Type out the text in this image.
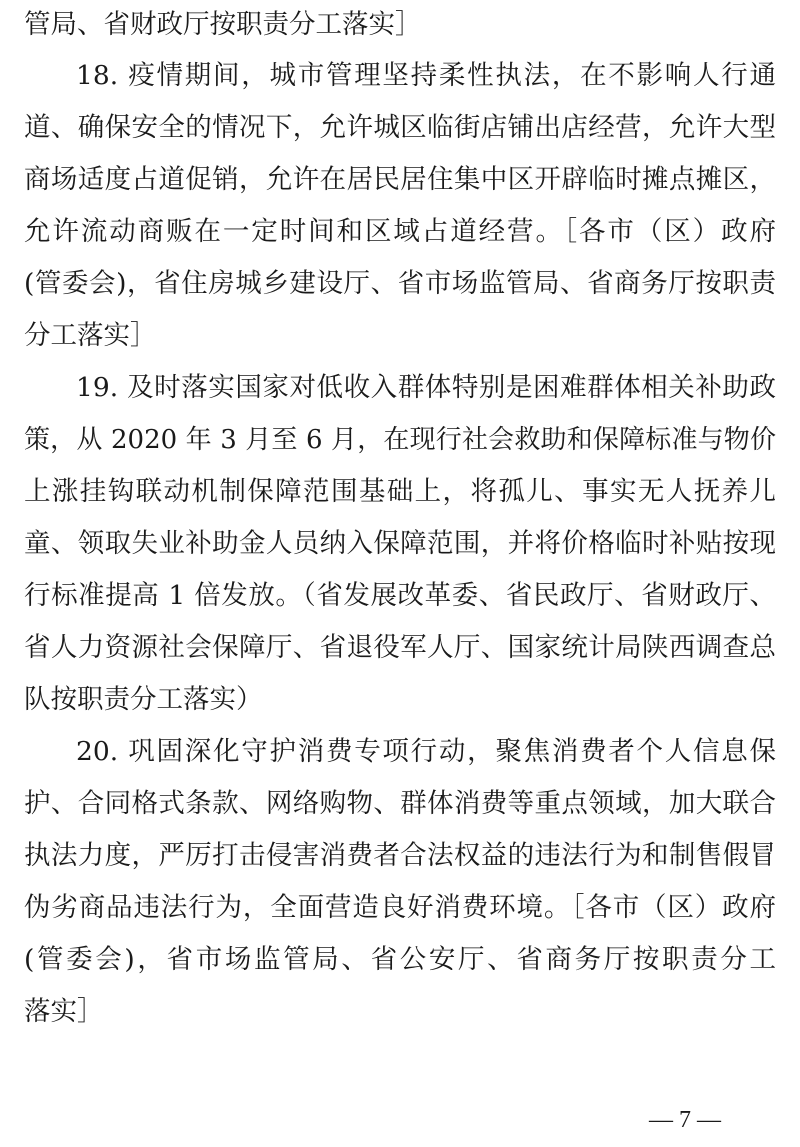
管局、省财政厅按职责分工落实］
18. 疫情期间，城市管理坚持柔性执法，在不影响人行通
道、确保安全的情况下，允许城区临街店铺出店经营，允许大型
商场适度占道促销，允许在居民居住集中区开辟临时摊点摊区，
允许流动商贩在一定时间和区域占道经营。［各市（区）政府
(管委会)，省住房城乡建设厅、省市场监管局、省商务厅按职责
分工落实］
19. 及时落实国家对低收入群体特别是困难群体相关补助政
策，从 2020 年 3 月至 6 月，在现行社会救助和保障标准与物价
上涨挂钩联动机制保障范围基础上，将孤儿、事实无人抚养儿
童、领取失业补助金人员纳入保障范围，并将价格临时补贴按现
行标准提高 1 倍发放。（省发展改革委、省民政厅、省财政厅、
省人力资源社会保障厅、省退役军人厅、国家统计局陕西调查总
队按职责分工落实）
20. 巩固深化守护消费专项行动，聚焦消费者个人信息保
护、合同格式条款、网络购物、群体消费等重点领域，加大联合
执法力度，严厉打击侵害消费者合法权益的违法行为和制售假冒
伪劣商品违法行为，全面营造良好消费环境。［各市（区）政府
(管委会)，省市场监管局、省公安厅、省商务厅按职责分工
落实］
— 7 —
